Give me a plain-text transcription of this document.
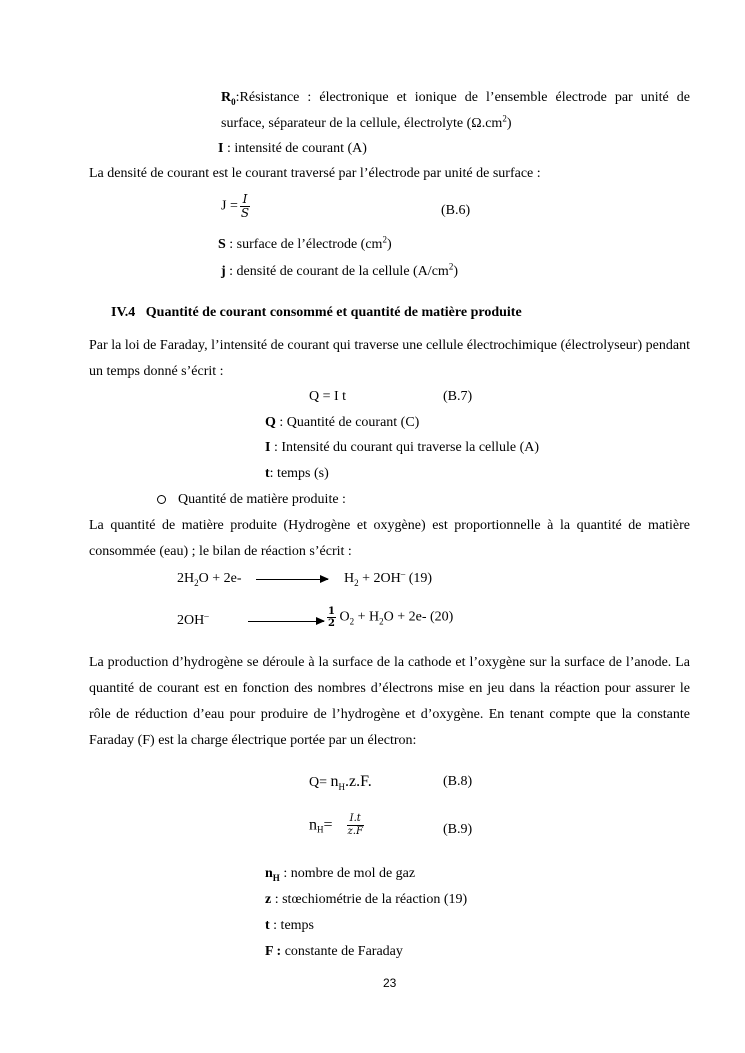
$R_0:Résistance$ : électronique et ionique de l’ensemble électrode par unité de
surface, séparateur de la cellule, électrolyte $(\Omega.cm^2)$
I : intensité de courant (A)
La densité de courant est le courant traversé par l’électrode par unité de surface :
$J = \frac{I}{S}$	(B.6)
S : surface de l’électrode $(cm^2)$
j : densité de courant de la cellule $(A/cm^2)$
IV.4 Quantité de courant consommé et quantité de matière produite
Par la loi de Faraday, l’intensité de courant qui traverse une cellule électrochimique (électrolyseur) pendant un temps donné s’écrit :
Q = I t	(B.7)
Q : Quantité de courant (C)
I : Intensité du courant qui traverse la cellule (A)
t: temps (s)
Quantité de matière produite :
La quantité de matière produite (Hydrogène et oxygène) est proportionnelle à la quantité de matière consommée (eau) ; le bilan de réaction s’écrit :
$2H_2O + 2e-$	$H_2 + 2OH^-$ (19)
2OH–	$\frac{1}{2} O_2 + H_2O + 2e-$ (20)
La production d’hydrogène se déroule à la surface de la cathode et l’oxygène sur la surface de l’anode. La quantité de courant est en fonction des nombres d’électrons mise en jeu dans la réaction pour assurer le rôle de réduction d’eau pour produire de l’hydrogène et d’oxygène. En tenant compte que la constante Faraday (F) est la charge électrique portée par un électron:
$Q= n_H.z.F$.	(B.8)
$n_H= \frac{I.t}{z.F}$	(B.9)
$n_H$ : nombre de mol de gaz
z : stœchiométrie de la réaction (19)
t : temps
F : constante de Faraday
23
